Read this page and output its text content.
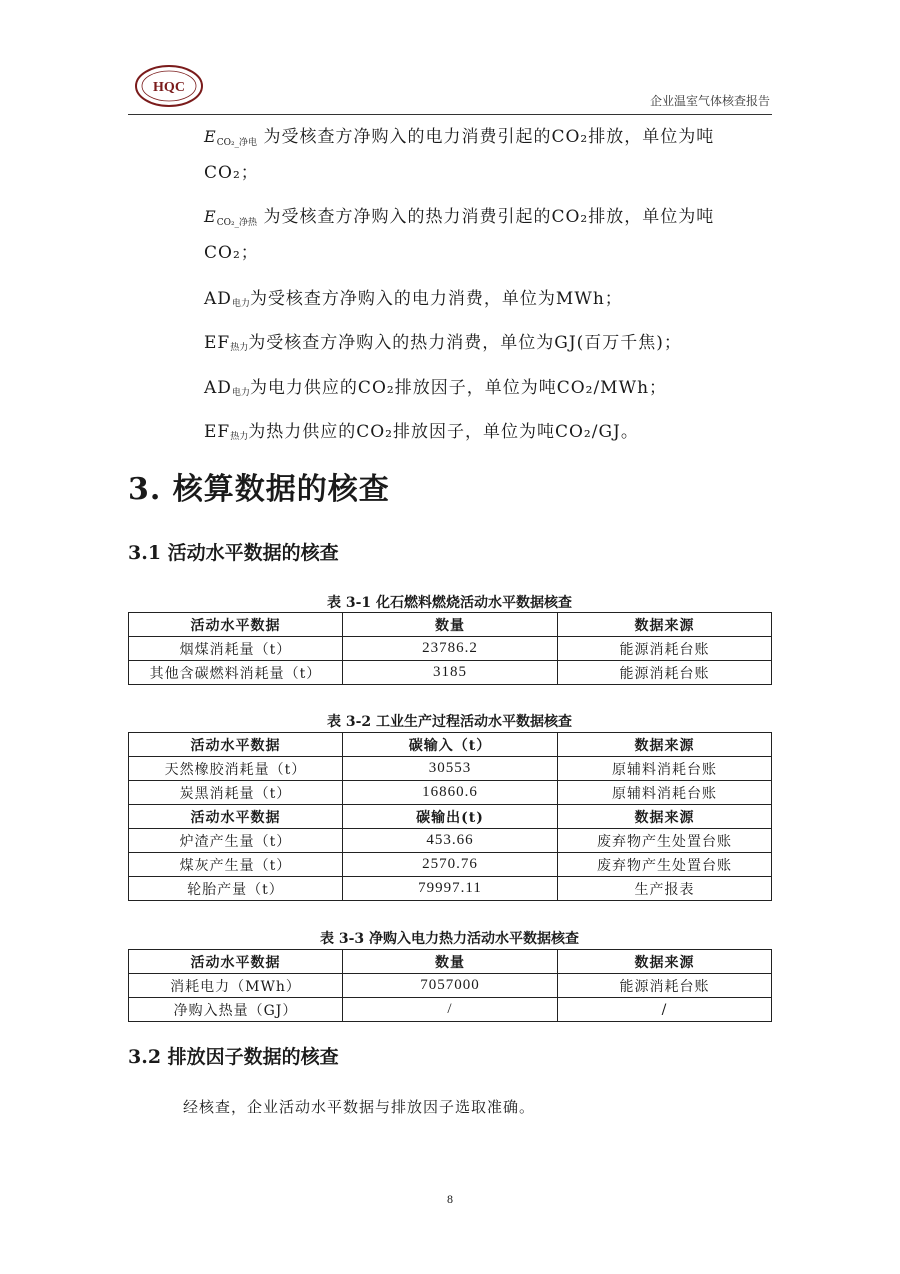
HQC
企业温室气体核查报告
$E_{CO_2\_净电}$ 为受核查方净购入的电力消费引起的CO₂排放，单位为吨CO₂；
$E_{CO_2\_净热}$ 为受核查方净购入的热力消费引起的CO₂排放，单位为吨CO₂；
AD电力为受核查方净购入的电力消费，单位为MWh；
EF热力为受核查方净购入的热力消费，单位为GJ(百万千焦)；
AD电力为电力供应的CO₂排放因子，单位为吨CO₂/MWh；
EF热力为热力供应的CO₂排放因子，单位为吨CO₂/GJ。
3. 核算数据的核查
3.1 活动水平数据的核查
表 3-1 化石燃料燃烧活动水平数据核查
活动水平数据	数量	数据来源
烟煤消耗量（t）	23786.2	能源消耗台账
其他含碳燃料消耗量（t）	3185	能源消耗台账
表 3-2 工业生产过程活动水平数据核查
活动水平数据	碳输入（t）	数据来源
天然橡胶消耗量（t）	30553	原辅料消耗台账
炭黑消耗量（t）	16860.6	原辅料消耗台账
活动水平数据	碳输出(t)	数据来源
炉渣产生量（t）	453.66	废弃物产生处置台账
煤灰产生量（t）	2570.76	废弃物产生处置台账
轮胎产量（t）	79997.11	生产报表
表 3-3 净购入电力热力活动水平数据核查
活动水平数据	数量	数据来源
消耗电力（MWh）	7057000	能源消耗台账
净购入热量（GJ）	/	/
3.2 排放因子数据的核查
经核查，企业活动水平数据与排放因子选取准确。
8
